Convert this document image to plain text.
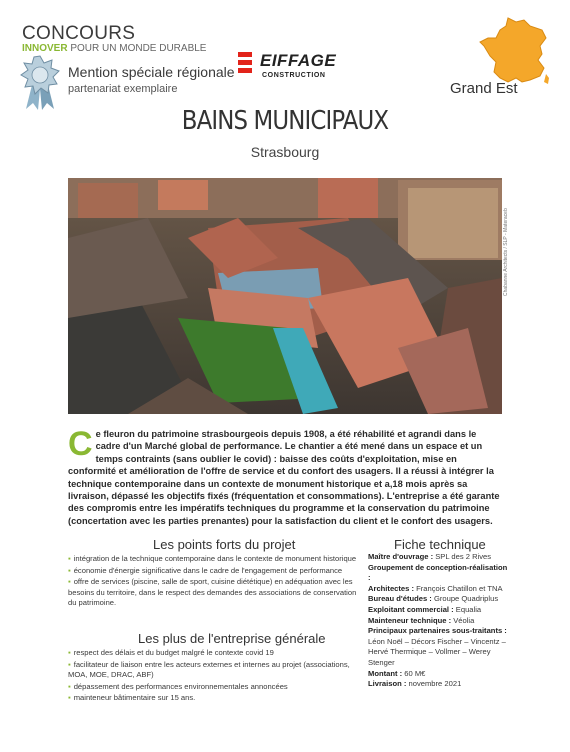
CONCOURS
INNOVER POUR UN MONDE DURABLE
Mention spéciale régionale
partenariat exemplaire
EIFFAGE
CONSTRUCTION
Grand Est
BAINS MUNICIPAUX
Strasbourg
Chabanne Architects / SLP - Materaceb
Ce fleuron du patrimoine strasbourgeois depuis 1908, a été réhabilité et agrandi dans le cadre d'un Marché global de performance. Le chantier a été mené dans un espace et un temps contraints (sans oublier le covid) : baisse des coûts d'exploitation, mise en conformité et amélioration de l'offre de service et du confort des usagers. Il a réussi à intégrer la technique contemporaine dans un contexte de monument historique et a,18 mois après sa livraison, dépassé les objectifs fixés (fréquentation et consommations). L'entreprise a été garante des compromis entre les impératifs techniques du programme et la conservation du patrimoine (concertation avec les parties prenantes) pour la satisfaction du client et le confort des usagers.
Les points forts du projet
▪ intégration de la technique contemporaine dans le contexte de monument historique
▪ économie d'énergie significative dans le cadre de l'engagement de performance
▪ offre de services (piscine, salle de sport, cuisine diététique) en adéquation avec les besoins du territoire, dans le respect des demandes des associations de conservation du patrimoine.
Les plus de l'entreprise générale
▪ respect des délais et du budget malgré le contexte covid 19
▪ facilitateur de liaison entre les acteurs externes et internes au projet (associations, MOA, MOE, DRAC, ABF)
▪ dépassement des performances environnementales annoncées
▪ mainteneur bâtimentaire sur 15 ans.
Fiche technique
Maître d'ouvrage : SPL des 2 Rives
Groupement de conception-réalisation :
Architectes : François Chatillon et TNA
Bureau d'études : Groupe Quadriplus
Exploitant commercial : Equalia
Mainteneur technique : Véolia
Principaux partenaires sous-traitants : Léon Noël – Décors Fischer – Vincentz – Hervé Thermique – Vollmer – Werey Stenger
Montant : 60 M€
Livraison : novembre 2021
